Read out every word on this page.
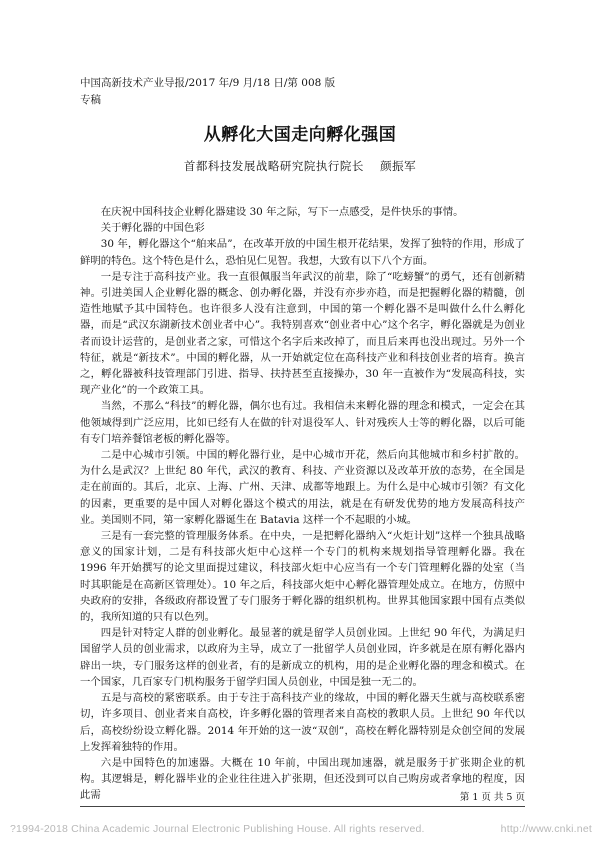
中国高新技术产业导报/2017 年/9 月/18 日/第 008 版
专稿
从孵化大国走向孵化强国
首都科技发展战略研究院执行院长　 颜振军

在庆祝中国科技企业孵化器建设 30 年之际，写下一点感受，是件快乐的事情。

关于孵化器的中国色彩

30 年，孵化器这个“舶来品”，在改革开放的中国生根开花结果，发挥了独特的作用，形成了鲜明的特色。这个特色是什么，恐怕见仁见智。我想，大致有以下八个方面。

一是专注于高科技产业。我一直很佩服当年武汉的前辈，除了“吃螃蟹”的勇气，还有创新精神。引进美国人企业孵化器的概念、创办孵化器，并没有亦步亦趋，而是把握孵化器的精髓，创造性地赋予其中国特色。也许很多人没有注意到，中国的第一个孵化器不是叫做什么什么孵化器，而是“武汉东湖新技术创业者中心”。我特别喜欢“创业者中心”这个名字，孵化器就是为创业者而设计运营的，是创业者之家，可惜这个名字后来改掉了，而且后来再也没出现过。另外一个特征，就是“新技术”。中国的孵化器，从一开始就定位在高科技产业和科技创业者的培育。换言之，孵化器被科技管理部门引进、指导、扶持甚至直接操办，30 年一直被作为“发展高科技，实现产业化”的一个政策工具。

当然，不那么“科技”的孵化器，偶尔也有过。我相信未来孵化器的理念和模式，一定会在其他领域得到广泛应用，比如已经有人在做的针对退役军人、针对残疾人士等的孵化器，以后可能有专门培养餐馆老板的孵化器等。

二是中心城市引领。中国的孵化器行业，是中心城市开花，然后向其他城市和乡村扩散的。为什么是武汉？上世纪 80 年代，武汉的教育、科技、产业资源以及改革开放的态势，在全国是走在前面的。其后，北京、上海、广州、天津、成都等地跟上。为什么是中心城市引领？有文化的因素，更重要的是中国人对孵化器这个模式的用法，就是在有研发优势的地方发展高科技产业。美国则不同，第一家孵化器诞生在 Batavia 这样一个不起眼的小城。

三是有一套完整的管理服务体系。在中央，一是把孵化器纳入“火炬计划”这样一个独具战略意义的国家计划，二是有科技部火炬中心这样一个专门的机构来规划指导管理孵化器。我在 1996 年开始撰写的论文里面提过建议，科技部火炬中心应当有一个专门管理孵化器的处室（当时其职能是在高新区管理处）。10 年之后，科技部火炬中心孵化器管理处成立。在地方，仿照中央政府的安排，各级政府都设置了专门服务于孵化器的组织机构。世界其他国家跟中国有点类似的，我所知道的只有以色列。

四是针对特定人群的创业孵化。最显著的就是留学人员创业园。上世纪 90 年代，为满足归国留学人员的创业需求，以政府为主导，成立了一批留学人员创业园，许多就是在原有孵化器内辟出一块，专门服务这样的创业者，有的是新成立的机构，用的是企业孵化器的理念和模式。在一个国家，几百家专门机构服务于留学归国人员创业，中国是独一无二的。

五是与高校的紧密联系。由于专注于高科技产业的缘故，中国的孵化器天生就与高校联系密切，许多项目、创业者来自高校，许多孵化器的管理者来自高校的教职人员。上世纪 90 年代以后，高校纷纷设立孵化器。2014 年开始的这一波“双创”，高校在孵化器特别是众创空间的发展上发挥着独特的作用。

六是中国特色的加速器。大概在 10 年前，中国出现加速器，就是服务于扩张期企业的机构。其逻辑是，孵化器毕业的企业往往进入扩张期，但还没到可以自己购房或者拿地的程度，因此需	第 1 页 共 5 页
?1994-2018 China Academic Journal Electronic Publishing House. All rights reserved.	http://www.cnki.net
